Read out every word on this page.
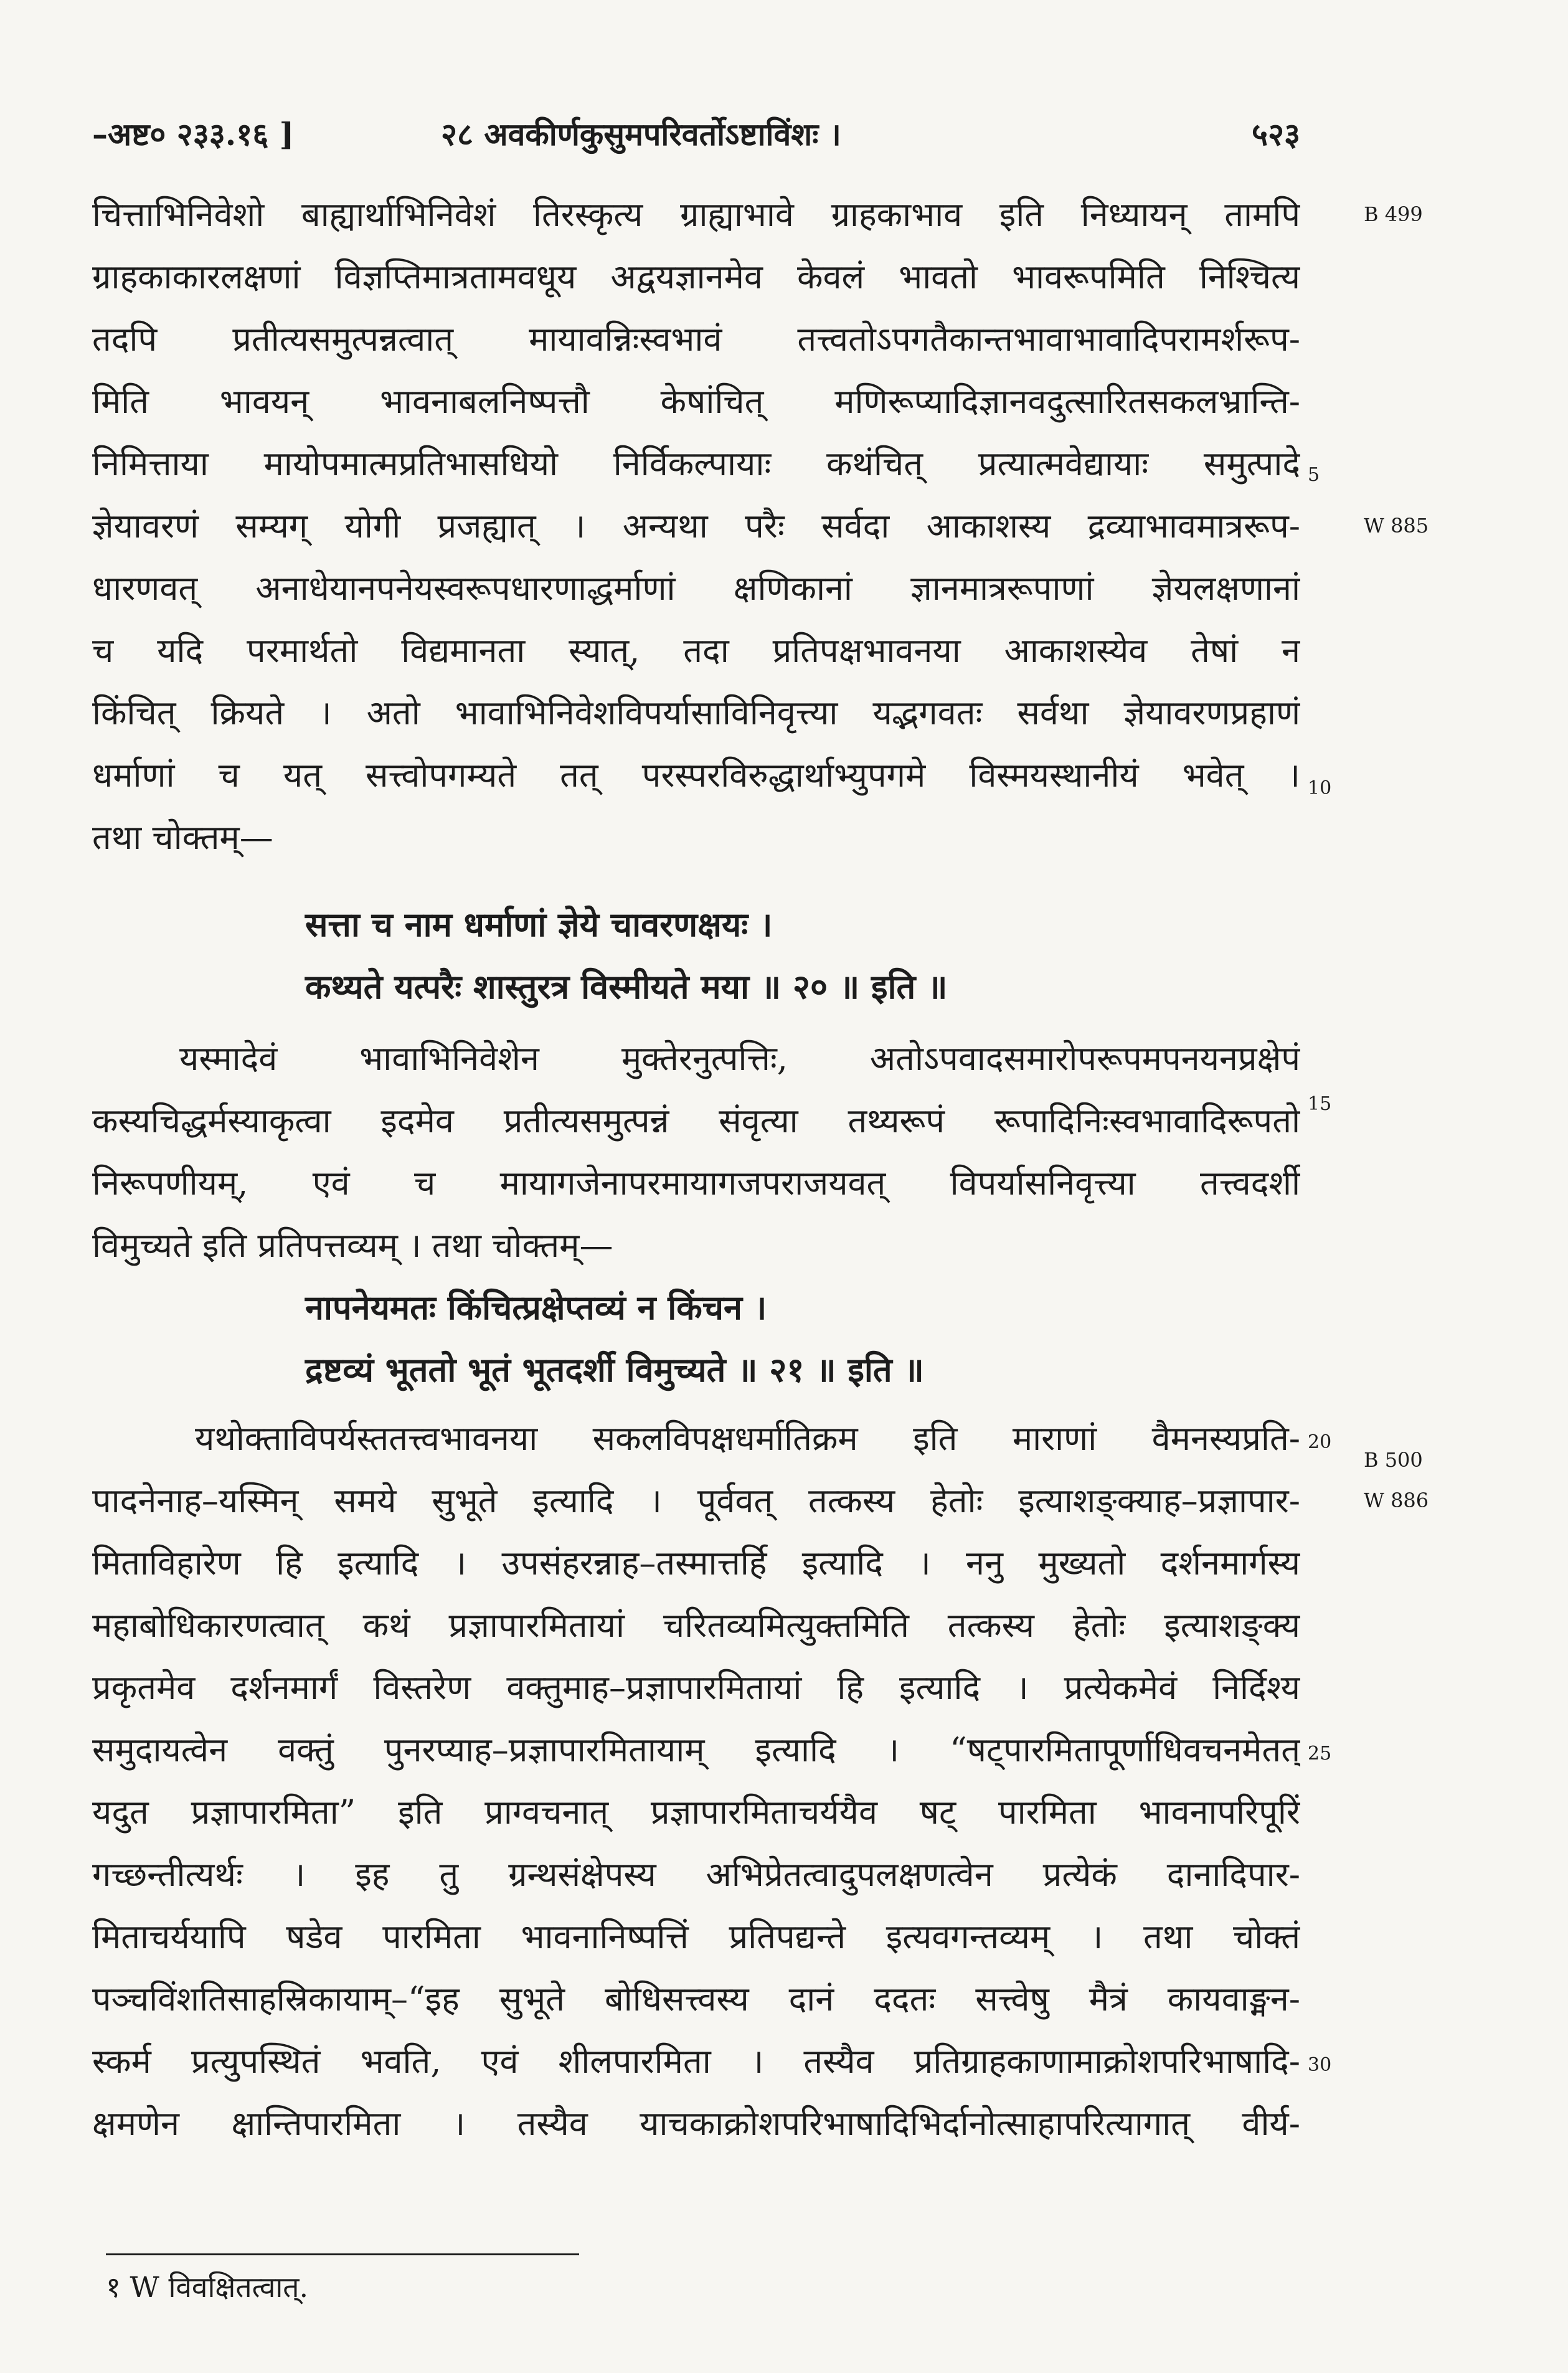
–अष्ट० २३३.१६ ]	२८ अवकीर्णकुसुमपरिवर्तोऽष्टाविंशः ।	५२३
चित्ताभिनिवेशो बाह्यार्थाभिनिवेशं तिरस्कृत्य ग्राह्याभावे ग्राहकाभाव इति निध्यायन् तामपि
ग्राहकाकारलक्षणां विज्ञप्तिमात्रतामवधूय अद्वयज्ञानमेव केवलं भावतो भावरूपमिति निश्चित्य
तदपि प्रतीत्यसमुत्पन्नत्वात् मायावन्निःस्वभावं तत्त्वतोऽपगतैकान्तभावाभावादिपरामर्शरूप-
मिति भावयन् भावनाबलनिष्पत्तौ केषांचित् मणिरूप्यादिज्ञानवदुत्सारितसकलभ्रान्ति-
निमित्ताया मायोपमात्मप्रतिभासधियो निर्विकल्पायाः कथंचित् प्रत्यात्मवेद्यायाः समुत्पादे
ज्ञेयावरणं सम्यग् योगी प्रजह्यात् । अन्यथा परैः सर्वदा आकाशस्य द्रव्याभावमात्ररूप-
धारणवत् अनाधेयानपनेयस्वरूपधारणाद्धर्माणां क्षणिकानां ज्ञानमात्ररूपाणां ज्ञेयलक्षणानां
च यदि परमार्थतो विद्यमानता स्यात्, तदा प्रतिपक्षभावनया आकाशस्येव तेषां न
किंचित् क्रियते । अतो भावाभिनिवेशविपर्यासाविनिवृत्त्या यद्भगवतः सर्वथा ज्ञेयावरणप्रहाणं
धर्माणां च यत् सत्त्वोपगम्यते तत् परस्परविरुद्धार्थाभ्युपगमे विस्मयस्थानीयं भवेत् ।
तथा चोक्तम्—
सत्ता च नाम धर्माणां ज्ञेये चावरणक्षयः ।
कथ्यते यत्परैः शास्तुरत्र विस्मीयते मया ॥ २० ॥ इति ॥
यस्मादेवं भावाभिनिवेशेन मुक्तेरनुत्पत्तिः, अतोऽपवादसमारोपरूपमपनयनप्रक्षेपं
कस्यचिद्धर्मस्याकृत्वा इदमेव प्रतीत्यसमुत्पन्नं संवृत्या तथ्यरूपं रूपादिनिःस्वभावादिरूपतो
निरूपणीयम्, एवं च मायागजेनापरमायागजपराजयवत् विपर्यासनिवृत्त्या तत्त्वदर्शी
विमुच्यते इति प्रतिपत्तव्यम् । तथा चोक्तम्—
नापनेयमतः किंचित्प्रक्षेप्तव्यं न किंचन ।
द्रष्टव्यं भूततो भूतं भूतदर्शी विमुच्यते ॥ २१ ॥ इति ॥
यथोक्ताविपर्यस्ततत्त्वभावनया सकलविपक्षधर्मातिक्रम इति माराणां वैमनस्यप्रति-
पादनेनाह–यस्मिन् समये सुभूते इत्यादि । पूर्ववत् तत्कस्य हेतोः इत्याशङ्क्याह–प्रज्ञापार-
मिताविहारेण हि इत्यादि । उपसंहरन्नाह–तस्मात्तर्हि इत्यादि । ननु मुख्यतो दर्शनमार्गस्य
महाबोधिकारणत्वात् कथं प्रज्ञापारमितायां चरितव्यमित्युक्तमिति तत्कस्य हेतोः इत्याशङ्क्य
प्रकृतमेव दर्शनमार्गं विस्तरेण वक्तुमाह–प्रज्ञापारमितायां हि इत्यादि । प्रत्येकमेवं निर्दिश्य
समुदायत्वेन वक्तुं पुनरप्याह–प्रज्ञापारमितायाम् इत्यादि । “षट्पारमितापूर्णाधिवचनमेतत्
यदुत प्रज्ञापारमिता” इति प्राग्वचनात् प्रज्ञापारमिताचर्ययैव षट् पारमिता भावनापरिपूरिं
गच्छन्तीत्यर्थः । इह तु ग्रन्थसंक्षेपस्य अभिप्रेतत्वादुपलक्षणत्वेन प्रत्येकं दानादिपार-
मिताचर्ययापि षडेव पारमिता भावनानिष्पत्तिं प्रतिपद्यन्ते इत्यवगन्तव्यम् । तथा चोक्तं
पञ्चविंशतिसाहस्रिकायाम्–“इह सुभूते बोधिसत्त्वस्य दानं ददतः सत्त्वेषु मैत्रं कायवाङ्मन-
स्कर्म प्रत्युपस्थितं भवति, एवं शीलपारमिता । तस्यैव प्रतिग्राहकाणामाक्रोशपरिभाषादि-
क्षमणेन क्षान्तिपारमिता । तस्यैव याचकाक्रोशपरिभाषादिभिर्दानोत्साहापरित्यागात् वीर्य-
5
10
15
20
25
30
B 499
W 885
B 500
W 886
१ W विवक्षितत्वात्.
